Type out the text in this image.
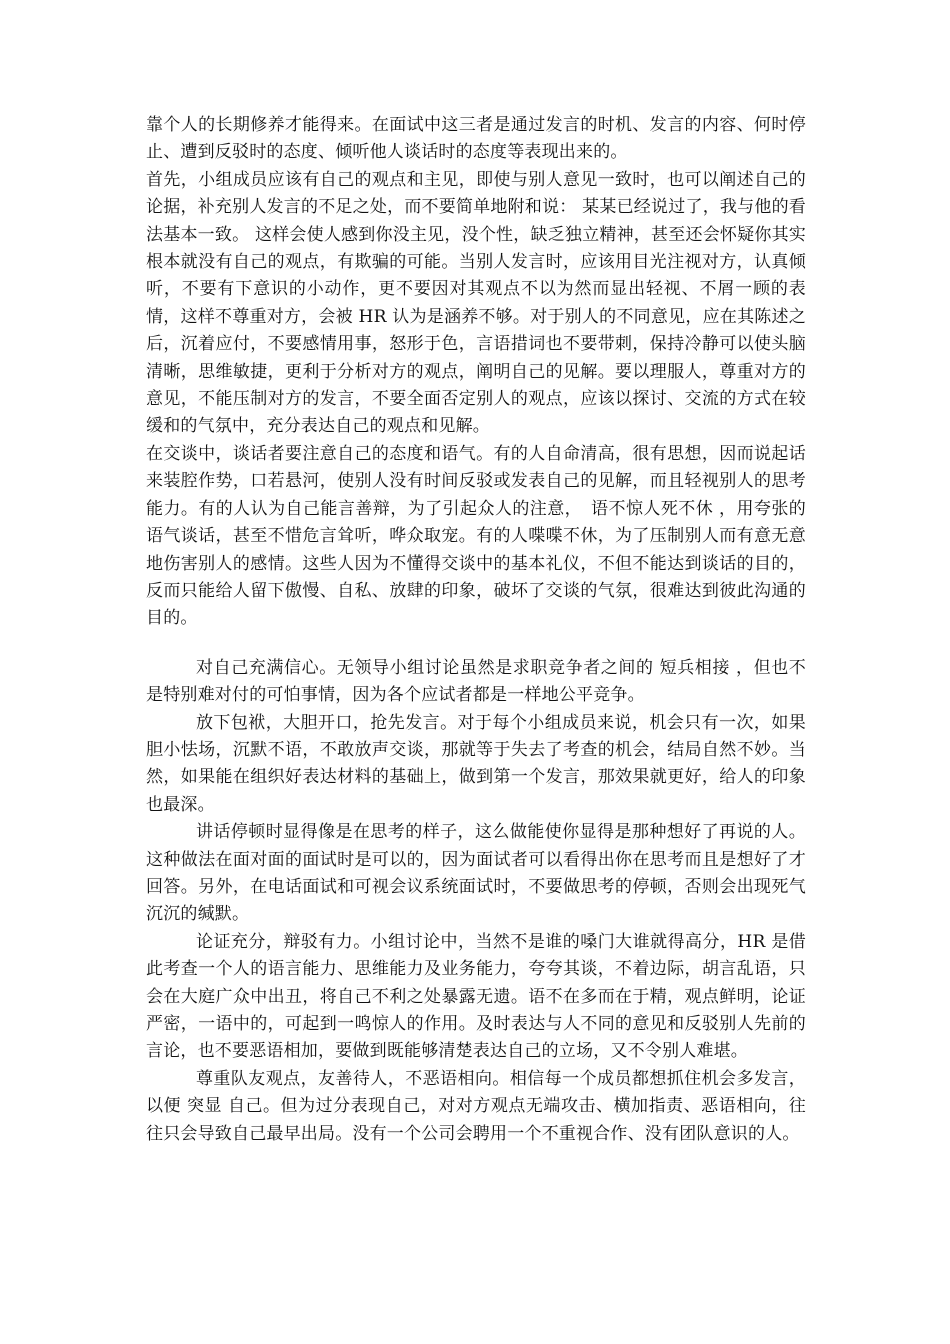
靠个人的长期修养才能得来。在面试中这三者是通过发言的时机、发言的内容、何时停止、遭到反驳时的态度、倾听他人谈话时的态度等表现出来的。

首先，小组成员应该有自己的观点和主见，即使与别人意见一致时，也可以阐述自己的论据，补充别人发言的不足之处，而不要简单地附和说： 某某已经说过了，我与他的看法基本一致。 这样会使人感到你没主见，没个性，缺乏独立精神，甚至还会怀疑你其实根本就没有自己的观点，有欺骗的可能。当别人发言时，应该用目光注视对方，认真倾听，不要有下意识的小动作，更不要因对其观点不以为然而显出轻视、不屑一顾的表情，这样不尊重对方，会被 HR 认为是涵养不够。对于别人的不同意见，应在其陈述之后，沉着应付，不要感情用事，怒形于色，言语措词也不要带刺，保持冷静可以使头脑清晰，思维敏捷，更利于分析对方的观点，阐明自己的见解。要以理服人，尊重对方的意见，不能压制对方的发言，不要全面否定别人的观点，应该以探讨、交流的方式在较缓和的气氛中，充分表达自己的观点和见解。

在交谈中，谈话者要注意自己的态度和语气。有的人自命清高，很有思想，因而说起话来装腔作势，口若悬河，使别人没有时间反驳或发表自己的见解，而且轻视别人的思考能力。有的人认为自己能言善辩，为了引起众人的注意，　语不惊人死不休 ，用夸张的语气谈话，甚至不惜危言耸听，哗众取宠。有的人喋喋不休，为了压制别人而有意无意地伤害别人的感情。这些人因为不懂得交谈中的基本礼仪，不但不能达到谈话的目的，反而只能给人留下傲慢、自私、放肆的印象，破坏了交谈的气氛，很难达到彼此沟通的目的。

对自己充满信心。无领导小组讨论虽然是求职竞争者之间的 短兵相接 ，但也不是特别难对付的可怕事情，因为各个应试者都是一样地公平竞争。

放下包袱，大胆开口，抢先发言。对于每个小组成员来说，机会只有一次，如果胆小怯场，沉默不语，不敢放声交谈，那就等于失去了考查的机会，结局自然不妙。当然，如果能在组织好表达材料的基础上，做到第一个发言，那效果就更好，给人的印象也最深。

讲话停顿时显得像是在思考的样子，这么做能使你显得是那种想好了再说的人。这种做法在面对面的面试时是可以的，因为面试者可以看得出你在思考而且是想好了才回答。另外，在电话面试和可视会议系统面试时，不要做思考的停顿，否则会出现死气沉沉的缄默。

论证充分，辩驳有力。小组讨论中，当然不是谁的嗓门大谁就得高分，HR 是借此考查一个人的语言能力、思维能力及业务能力，夸夸其谈，不着边际，胡言乱语，只会在大庭广众中出丑，将自己不利之处暴露无遗。语不在多而在于精，观点鲜明，论证严密，一语中的，可起到一鸣惊人的作用。及时表达与人不同的意见和反驳别人先前的言论，也不要恶语相加，要做到既能够清楚表达自己的立场，又不令别人难堪。

尊重队友观点，友善待人，不恶语相向。相信每一个成员都想抓住机会多发言，以便 突显 自己。但为过分表现自己，对对方观点无端攻击、横加指责、恶语相向，往往只会导致自己最早出局。没有一个公司会聘用一个不重视合作、没有团队意识的人。
